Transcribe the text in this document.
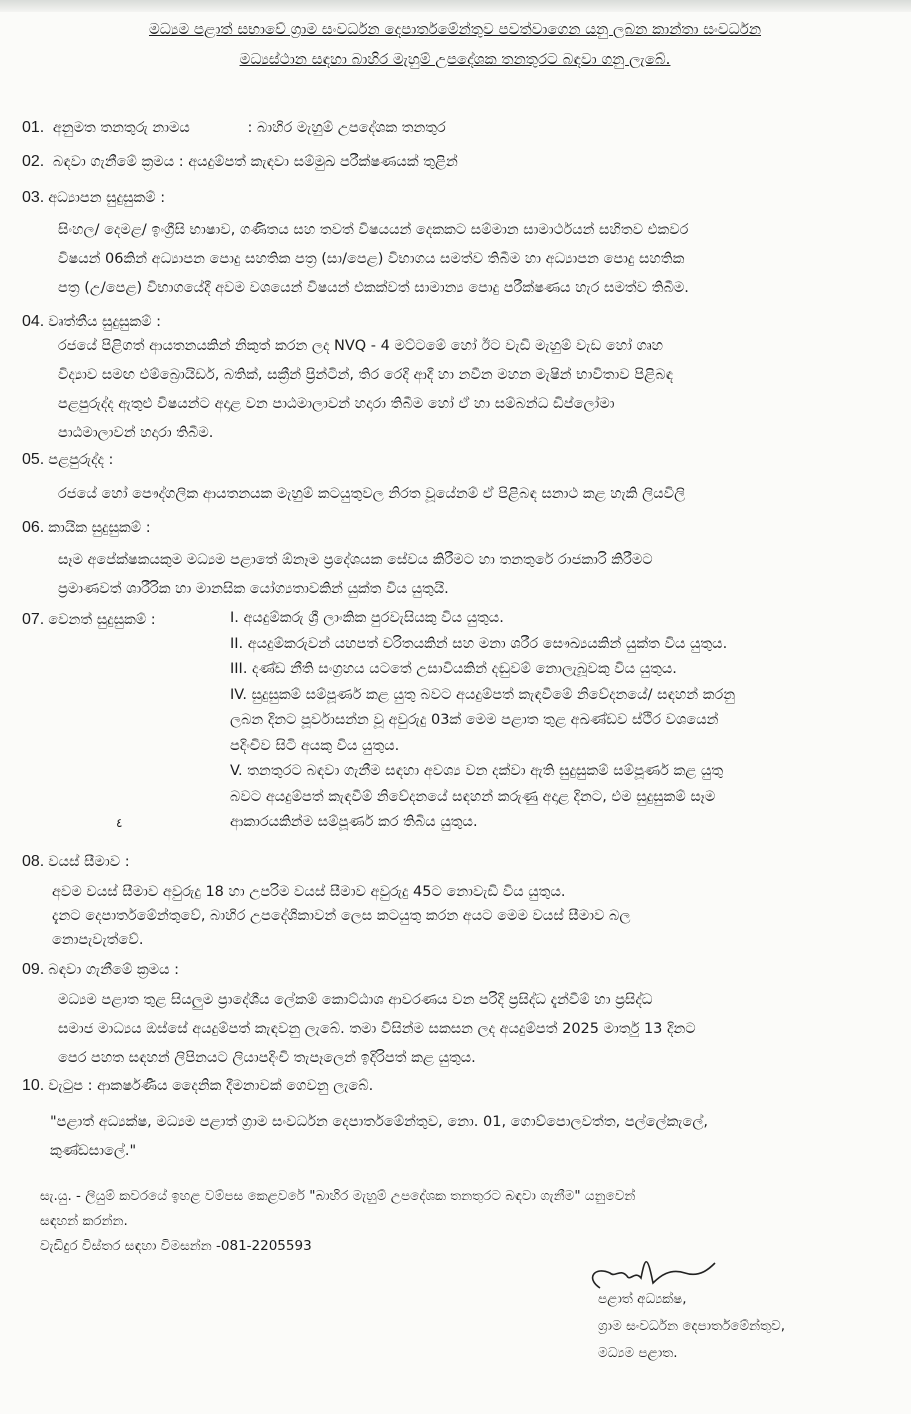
මධ්‍යම පළාත් සභාවේ ග්‍රාම සංවර්ධන දෙපාර්තමේන්තුව පවත්වාගෙන යනු ලබන කාන්තා සංවර්ධන
මධ්‍යස්ථාන සඳහා බාහිර මැහුම් උපදේශක තනතුරට බඳවා ගනු ලැබේ.
01. අනුමත තනතුරු නාමය	: බාහිර මැහුම් උපදේශක තනතුර
02. බඳවා ගැනීමේ ක්‍රමය : අයදුම්පත් කැඳවා සම්මුඛ පරීක්ෂණයක් තුළින්
03. අධ්‍යාපන සුදුසුකම් :
සිංහල/ දෙමළ/ ඉංග්‍රීසි භාෂාව, ගණිතය සහ තවත් විෂයයන් දෙකකට සම්මාන සාමාර්ථයන් සහිතව එකවර
විෂයන් 06කින් අධ්‍යාපන පොදු සහතික පත්‍ර (සා/පෙළ) විභාගය සමත්ව තිබීම හා අධ්‍යාපන පොදු සහතික
පත්‍ර (උ/පෙළ) විභාගයේදී අවම වශයෙන් විෂයන් එකක්වත් සාමාන්‍ය පොදු පරීක්ෂණය හැර සමත්ව තිබීම.
04. වෘත්තීය සුදුසුකම් :
රජයේ පිළිගත් ආයතනයකින් නිකුත් කරන ලද NVQ - 4 මට්ටමේ හෝ ඊට වැඩි මැහුම් වැඩ හෝ ගෘහ
විද්‍යාව සමඟ එම්බ්‍රොයිඩර්, බතික්, සක්‍රීන් ප්‍රින්ටින්, තිර රෙදි ආදී හා නවීන මහන මැෂින් භාවිතාව පිළිබඳ
පළපුරුද්ද ඇතුළු විෂයන්ට අදාළ වන පාඨමාලාවන් හදාරා තිබීම හෝ ඒ හා සම්බන්ධ ඩිප්ලෝමා
පාඨමාලාවන් හදාරා තිබීම.
05. පළපුරුද්ද :
රජයේ හෝ පෞද්ගලික ආයතනයක මැහුම් කටයුතුවල නිරත වූයේනම් ඒ පිළිබඳ සනාථ කළ හැකි ලියවිලි
06. කායික සුදුසුකම් :
සෑම අපේක්ෂකයකුම මධ්‍යම පළාතේ ඕනෑම ප්‍රදේශයක සේවය කිරීමට හා තනතුරේ රාජකාරි කිරීමට
ප්‍රමාණවත් ශාරීරික හා මානසික යෝග්‍යතාවකින් යුක්ත විය යුතුයි.
07. වෙනත් සුදුසුකම් :	I. අයදුම්කරු ශ්‍රී ලාංකික පුරවැසියකු විය යුතුය.
II. අයදුම්කරුවන් යහපත් චරිතයකින් සහ මනා ශරීර සෞඛ්‍යයකින් යුක්ත විය යුතුය.
III. දණ්ඩ නීති සංග්‍රහය යටතේ උසාවියකින් දඬුවම් නොලැබූවකු විය යුතුය.
IV. සුදුසුකම් සම්පූර්ණ කළ යුතු බවට අයදුම්පත් කැඳවීමේ නිවේදනයේ/ සඳහන් කරනු
ලබන දිනට පූර්වාසන්න වූ අවුරුදු 03ක් මෙම පළාත තුළ අඛණ්ඩව ස්ථිර වශයෙන්
පදිංචිව සිටි අයකු විය යුතුය.
V. තනතුරට බඳවා ගැනීම සඳහා අවශ්‍ය වන දක්වා ඇති සුදුසුකම් සම්පූර්ණ කළ යුතු
බවට අයදුම්පත් කැඳවීම් නිවේදනයේ සඳහන් කරුණු අදාළ දිනට, එම සුදුසුකම් සෑම
ආකාරයකින්ම සම්පූර්ණ කර තිබිය යුතුය.
٤
08. වයස් සීමාව :
අවම වයස් සීමාව අවුරුදු 18 හා උපරිම වයස් සීමාව අවුරුදු 45ට නොවැඩි විය යුතුය.
දැනට දෙපාර්තමේන්තුවේ, බාහිර උපදේශිකාවන් ලෙස කටයුතු කරන අයට මෙම වයස් සීමාව බල
නොපැවැත්වේ.
09. බඳවා ගැනීමේ ක්‍රමය :
මධ්‍යම පළාත තුළ සියලුම ප්‍රාදේශීය ලේකම් කොට්ඨාශ ආවරණය වන පරිදි ප්‍රසිද්ධ දැන්වීම් හා ප්‍රසිද්ධ
සමාජ මාධ්‍යය ඔස්සේ අයදුම්පත් කැඳවනු ලැබේ. තමා විසින්ම සකසන ලද අයදුම්පත් 2025 මාර්තු 13 දිනට
පෙර පහත සඳහන් ලිපිනයට ලියාපදිංචි තැපෑලෙන් ඉදිරිපත් කළ යුතුය.
10. වැටුප : ආකර්ෂණීය දෛනික දීමනාවක් ගෙවනු ලැබේ.
"පළාත් අධ්‍යක්ෂ, මධ්‍යම පළාත් ග්‍රාම සංවර්ධන දෙපාර්තමේන්තුව, නො. 01, ගොව්පොලවත්ත, පල්ලේකැලේ,
කුණ්ඩසාලේ."
සැ.යු. - ලියුම් කවරයේ ඉහළ වම්පස කෙළවරේ "බාහිර මැහුම් උපදේශක තනතුරට බඳවා ගැනීම" යනුවෙන්
සඳහන් කරන්න.
වැඩිදුර විස්තර සඳහා විමසන්න -081-2205593
පළාත් අධ්‍යක්ෂ,
ග්‍රාම සංවර්ධන දෙපාර්තමේන්තුව,
මධ්‍යම පළාත.
